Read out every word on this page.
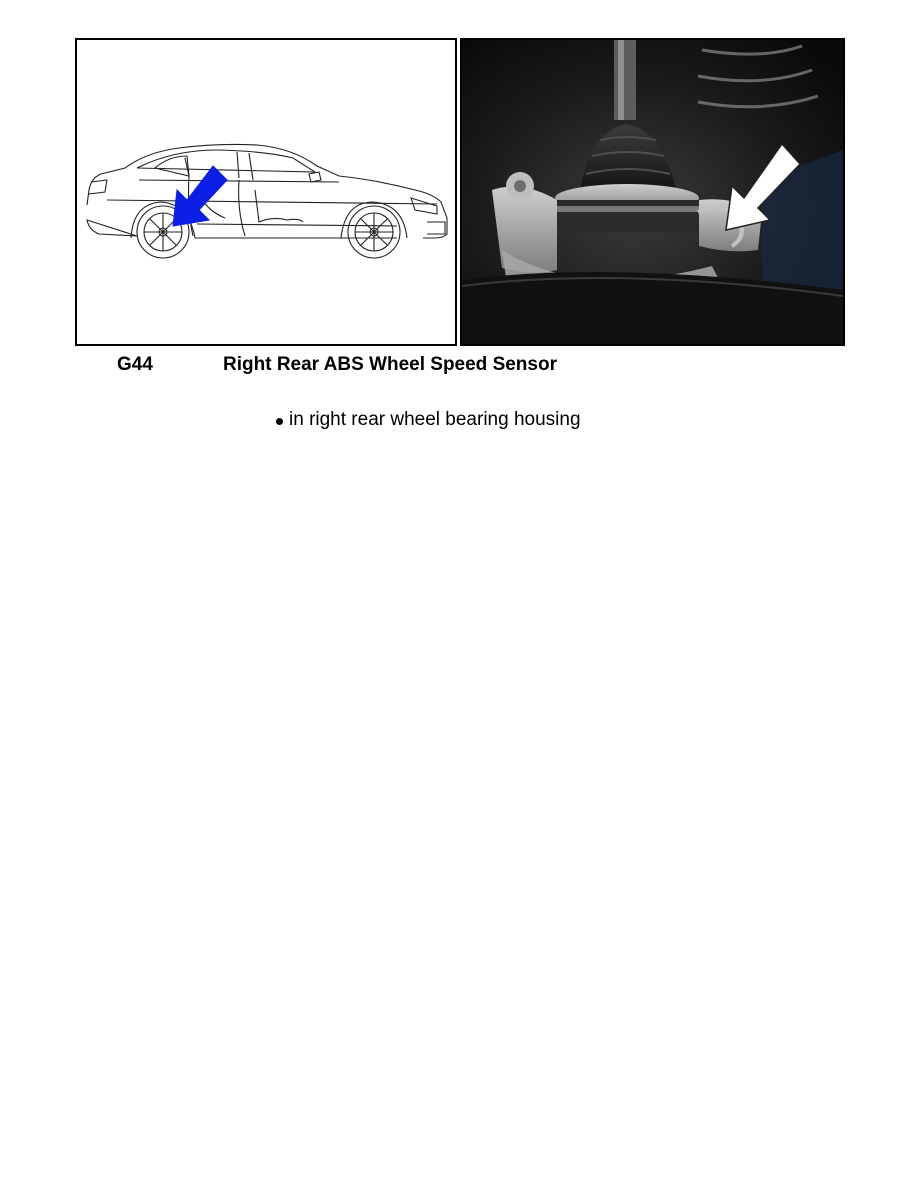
G44	Right Rear ABS Wheel Speed Sensor
in right rear wheel bearing housing
